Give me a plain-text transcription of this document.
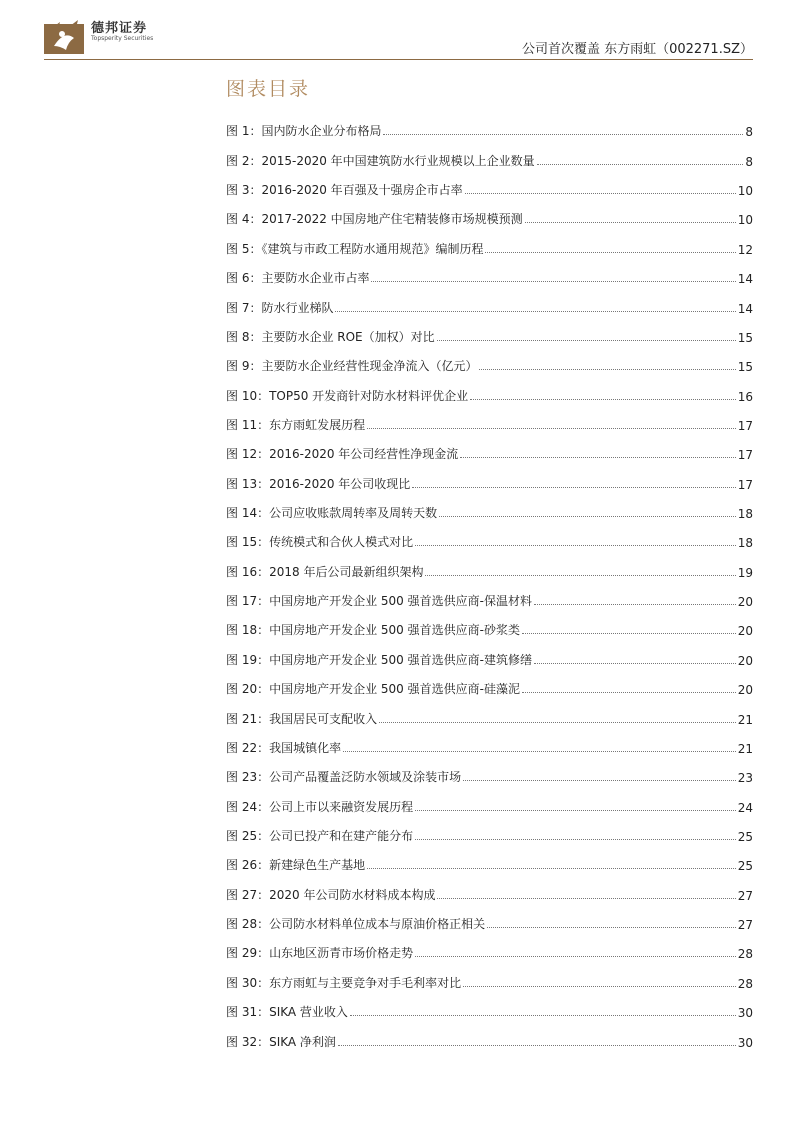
德邦证券
Topsperity Securities
公司首次覆盖 东方雨虹（002271.SZ）
图表目录
图 1：国内防水企业分布格局	8
图 2：2015-2020 年中国建筑防水行业规模以上企业数量	8
图 3：2016-2020 年百强及十强房企市占率	10
图 4：2017-2022 中国房地产住宅精装修市场规模预测	10
图 5：《建筑与市政工程防水通用规范》编制历程	12
图 6：主要防水企业市占率	14
图 7：防水行业梯队	14
图 8：主要防水企业 ROE（加权）对比	15
图 9：主要防水企业经营性现金净流入（亿元）	15
图 10：TOP50 开发商针对防水材料评优企业	16
图 11：东方雨虹发展历程	17
图 12：2016-2020 年公司经营性净现金流	17
图 13：2016-2020 年公司收现比	17
图 14：公司应收账款周转率及周转天数	18
图 15：传统模式和合伙人模式对比	18
图 16：2018 年后公司最新组织架构	19
图 17：中国房地产开发企业 500 强首选供应商-保温材料	20
图 18：中国房地产开发企业 500 强首选供应商-砂浆类	20
图 19：中国房地产开发企业 500 强首选供应商-建筑修缮	20
图 20：中国房地产开发企业 500 强首选供应商-硅藻泥	20
图 21：我国居民可支配收入	21
图 22：我国城镇化率	21
图 23：公司产品覆盖泛防水领域及涂装市场	23
图 24：公司上市以来融资发展历程	24
图 25：公司已投产和在建产能分布	25
图 26：新建绿色生产基地	25
图 27：2020 年公司防水材料成本构成	27
图 28：公司防水材料单位成本与原油价格正相关	27
图 29：山东地区沥青市场价格走势	28
图 30：东方雨虹与主要竞争对手毛利率对比	28
图 31：SIKA 营业收入	30
图 32：SIKA 净利润	30
